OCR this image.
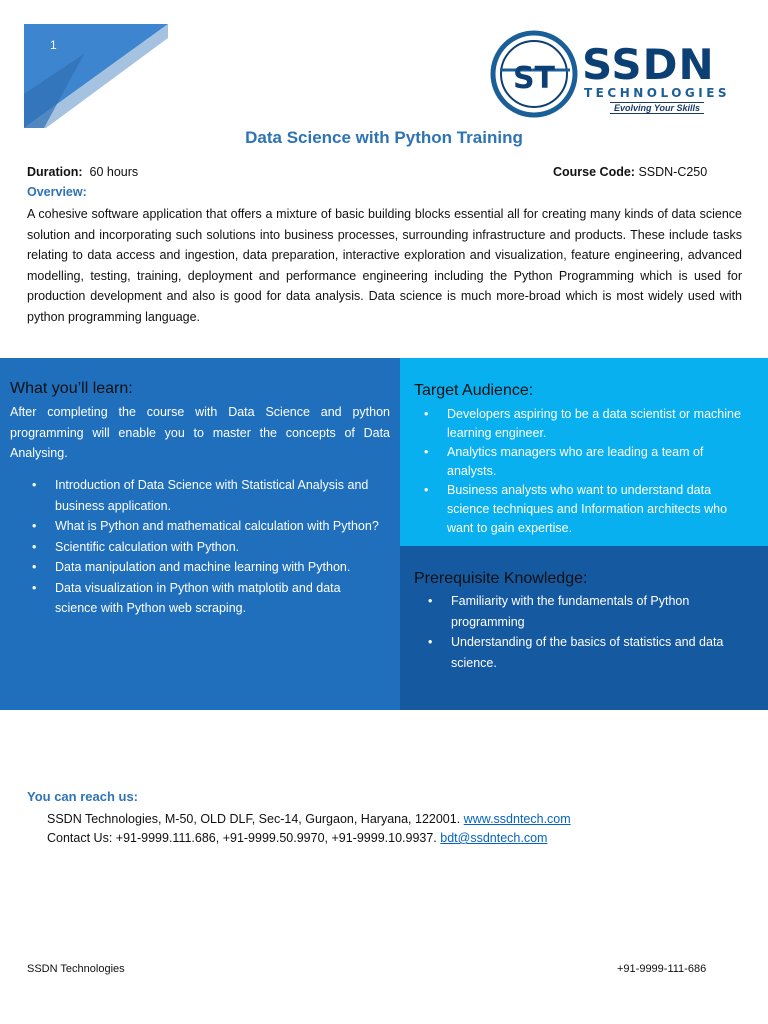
1
ST SSDN
TECHNOLOGIES
Evolving Your Skills
Data Science with Python Training
Duration: 60 hours	Course Code: SSDN-C250
Overview:
A cohesive software application that offers a mixture of basic building blocks essential all for creating many kinds of data science solution and incorporating such solutions into business processes, surrounding infrastructure and products. These include tasks relating to data access and ingestion, data preparation, interactive exploration and visualization, feature engineering, advanced modelling, testing, training, deployment and performance engineering including the Python Programming which is used for production development and also is good for data analysis. Data science is much more-broad which is most widely used with python programming language.
What you’ll learn:
After completing the course with Data Science and python programming will enable you to master the concepts of Data Analysing.
• Introduction of Data Science with Statistical Analysis and business application.
• What is Python and mathematical calculation with Python?
• Scientific calculation with Python.
• Data manipulation and machine learning with Python.
• Data visualization in Python with matplotib and data science with Python web scraping.
Target Audience:
• Developers aspiring to be a data scientist or machine learning engineer.
• Analytics managers who are leading a team of analysts.
• Business analysts who want to understand data science techniques and Information architects who want to gain expertise.
Prerequisite Knowledge:
• Familiarity with the fundamentals of Python programming
• Understanding of the basics of statistics and data science.
You can reach us:
SSDN Technologies, M-50, OLD DLF, Sec-14, Gurgaon, Haryana, 122001. www.ssdntech.com
Contact Us: +91-9999.111.686, +91-9999.50.9970, +91-9999.10.9937. bdt@ssdntech.com
SSDN Technologies	+91-9999-111-686
